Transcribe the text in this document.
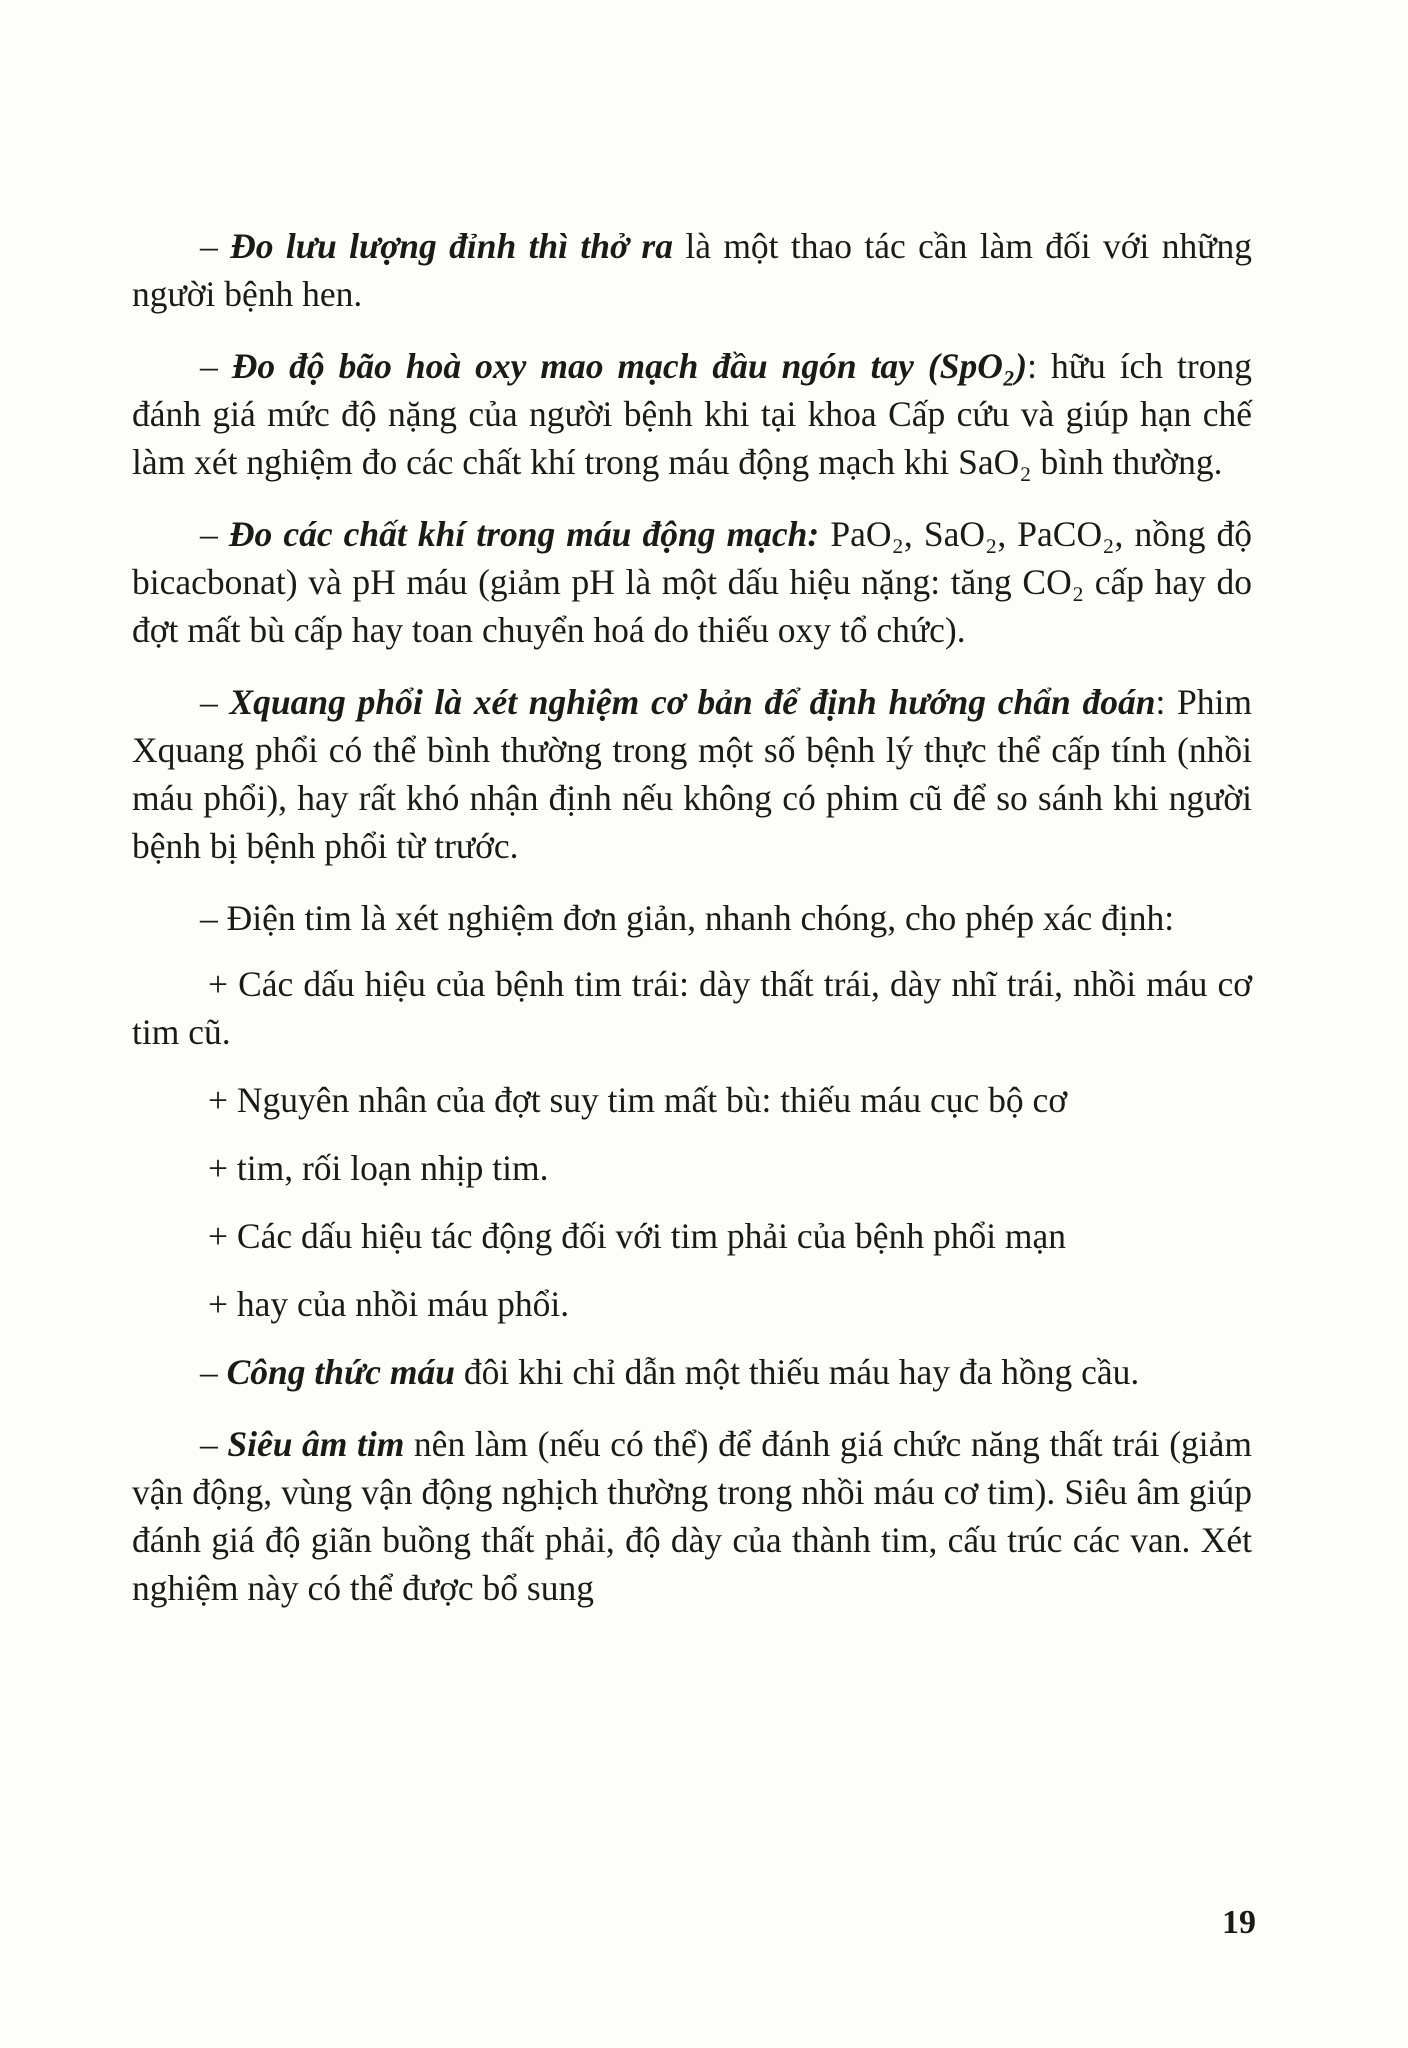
– Đo lưu lượng đỉnh thì thở ra là một thao tác cần làm đối với những người bệnh hen.

– Đo độ bão hoà oxy mao mạch đầu ngón tay (SpO₂): hữu ích trong đánh giá mức độ nặng của người bệnh khi tại khoa Cấp cứu và giúp hạn chế làm xét nghiệm đo các chất khí trong máu động mạch khi SaO₂ bình thường.

– Đo các chất khí trong máu động mạch: PaO₂, SaO₂, PaCO₂, nồng độ bicacbonat) và pH máu (giảm pH là một dấu hiệu nặng: tăng CO₂ cấp hay do đợt mất bù cấp hay toan chuyển hoá do thiếu oxy tổ chức).

– Xquang phổi là xét nghiệm cơ bản để định hướng chẩn đoán: Phim Xquang phổi có thể bình thường trong một số bệnh lý thực thể cấp tính (nhồi máu phổi), hay rất khó nhận định nếu không có phim cũ để so sánh khi người bệnh bị bệnh phổi từ trước.

– Điện tim là xét nghiệm đơn giản, nhanh chóng, cho phép xác định:

+ Các dấu hiệu của bệnh tim trái: dày thất trái, dày nhĩ trái, nhồi máu cơ tim cũ.

+ Nguyên nhân của đợt suy tim mất bù: thiếu máu cục bộ cơ

+ tim, rối loạn nhịp tim.

+ Các dấu hiệu tác động đối với tim phải của bệnh phổi mạn

+ hay của nhồi máu phổi.

– Công thức máu đôi khi chỉ dẫn một thiếu máu hay đa hồng cầu.

– Siêu âm tim nên làm (nếu có thể) để đánh giá chức năng thất trái (giảm vận động, vùng vận động nghịch thường trong nhồi máu cơ tim). Siêu âm giúp đánh giá độ giãn buồng thất phải, độ dày của thành tim, cấu trúc các van. Xét nghiệm này có thể được bổ sung

19
